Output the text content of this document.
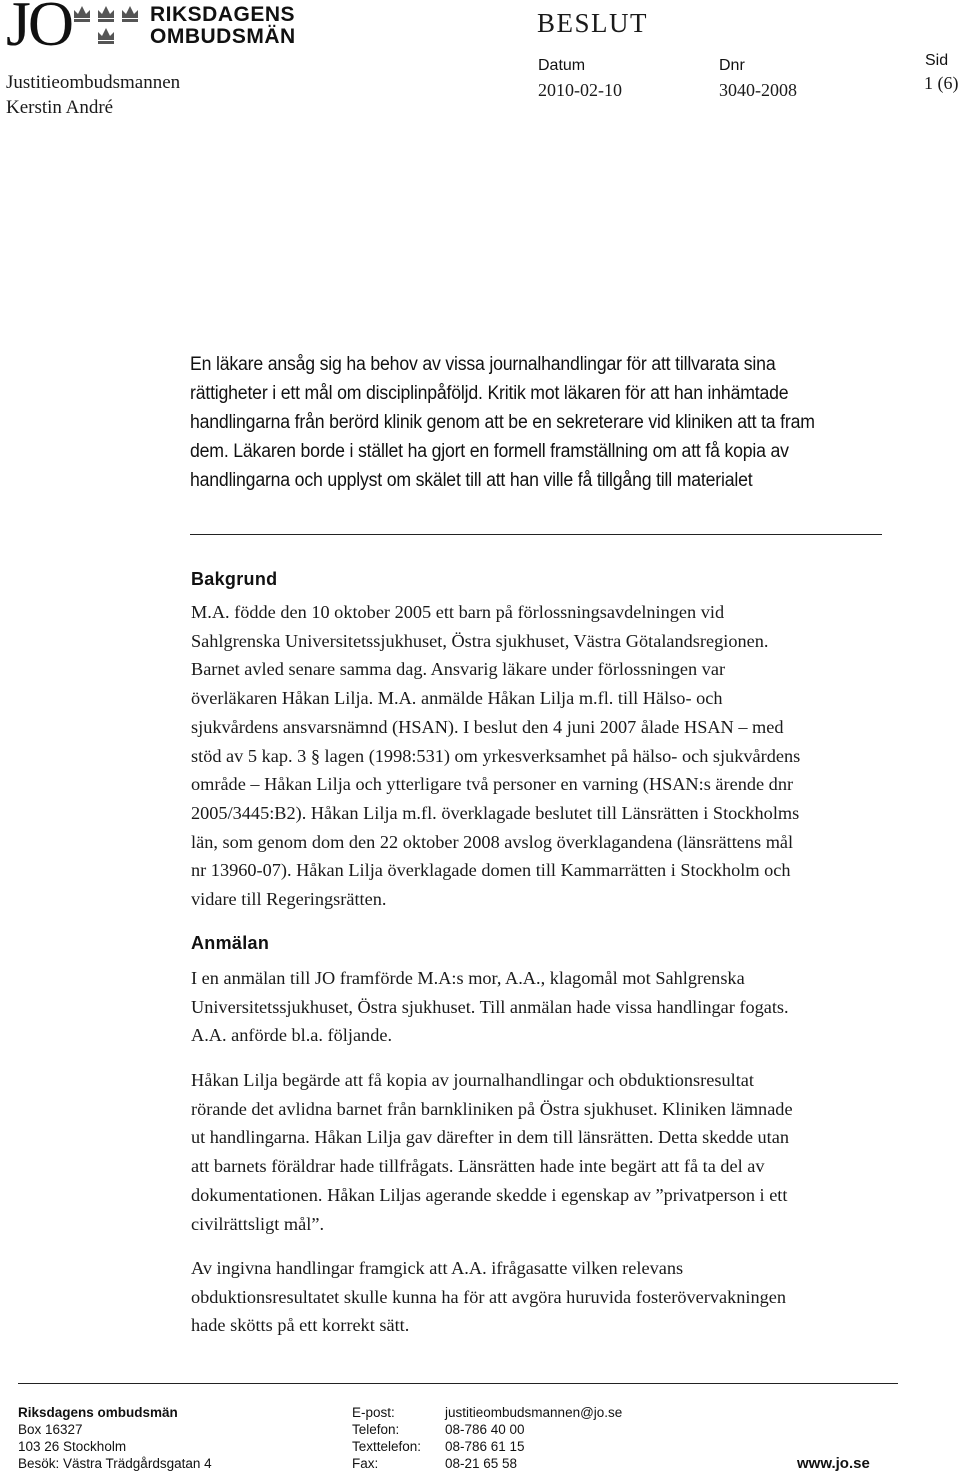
JO	RIKSDAGENS
OMBUDSMÄN
Justitieombudsmannen
Kerstin André
BESLUT
Datum
2010-02-10
Dnr
3040-2008
Sid
1 (6)
En läkare ansåg sig ha behov av vissa journalhandlingar för att tillvarata sina rättigheter i ett mål om disciplinpåföljd. Kritik mot läkaren för att han inhämtade handlingarna från berörd klinik genom att be en sekreterare vid kliniken att ta fram dem. Läkaren borde i stället ha gjort en formell framställning om att få kopia av handlingarna och upplyst om skälet till att han ville få tillgång till materialet
Bakgrund
M.A. födde den 10 oktober 2005 ett barn på förlossningsavdelningen vid
Sahlgrenska Universitetssjukhuset, Östra sjukhuset, Västra Götalandsregionen.
Barnet avled senare samma dag. Ansvarig läkare under förlossningen var
överläkaren Håkan Lilja. M.A. anmälde Håkan Lilja m.fl. till Hälso- och
sjukvårdens ansvarsnämnd (HSAN). I beslut den 4 juni 2007 ålade HSAN – med
stöd av 5 kap. 3 § lagen (1998:531) om yrkesverksamhet på hälso- och sjukvårdens
område – Håkan Lilja och ytterligare två personer en varning (HSAN:s ärende dnr
2005/3445:B2). Håkan Lilja m.fl. överklagade beslutet till Länsrätten i Stockholms
län, som genom dom den 22 oktober 2008 avslog överklagandena (länsrättens mål
nr 13960-07). Håkan Lilja överklagade domen till Kammarrätten i Stockholm och
vidare till Regeringsrätten.
Anmälan
I en anmälan till JO framförde M.A:s mor, A.A., klagomål mot Sahlgrenska
Universitetssjukhuset, Östra sjukhuset. Till anmälan hade vissa handlingar fogats.
A.A. anförde bl.a. följande.
Håkan Lilja begärde att få kopia av journalhandlingar och obduktionsresultat
rörande det avlidna barnet från barnkliniken på Östra sjukhuset. Kliniken lämnade
ut handlingarna. Håkan Lilja gav därefter in dem till länsrätten. Detta skedde utan
att barnets föräldrar hade tillfrågats. Länsrätten hade inte begärt att få ta del av
dokumentationen. Håkan Liljas agerande skedde i egenskap av ”privatperson i ett
civilrättsligt mål”.
Av ingivna handlingar framgick att A.A. ifrågasatte vilken relevans
obduktionsresultatet skulle kunna ha för att avgöra huruvida fosterövervakningen
hade skötts på ett korrekt sätt.
Riksdagens ombudsmän
Box 16327
103 26 Stockholm
Besök: Västra Trädgårdsgatan 4
E-post:
Telefon:
Texttelefon:
Fax:
justitieombudsmannen@jo.se
08-786 40 00
08-786 61 15
08-21 65 58	www.jo.se
